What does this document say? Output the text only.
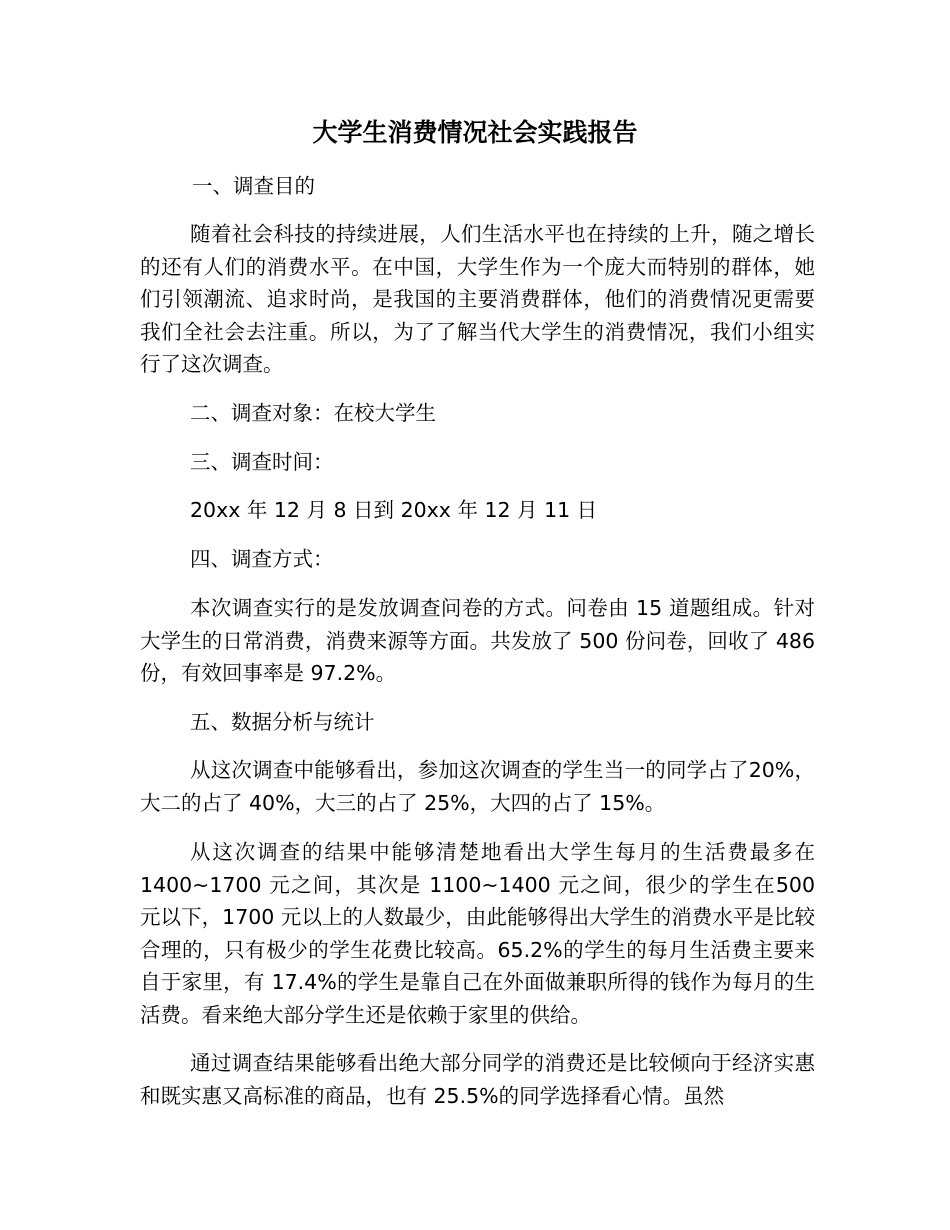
大学生消费情况社会实践报告

一、调查目的

随着社会科技的持续进展，人们生活水平也在持续的上升，随之增长的还有人们的消费水平。在中国，大学生作为一个庞大而特别的群体，她们引领潮流、追求时尚，是我国的主要消费群体，他们的消费情况更需要我们全社会去注重。所以，为了了解当代大学生的消费情况，我们小组实行了这次调查。

二、调查对象：在校大学生

三、调查时间：

20xx 年 12 月 8 日到 20xx 年 12 月 11 日

四、调查方式：

本次调查实行的是发放调查问卷的方式。问卷由 15 道题组成。针对大学生的日常消费，消费来源等方面。共发放了 500 份问卷，回收了 486 份，有效回事率是 97.2%。

五、数据分析与统计

从这次调查中能够看出，参加这次调查的学生当一的同学占了20%，大二的占了 40%，大三的占了 25%，大四的占了 15%。

从这次调查的结果中能够清楚地看出大学生每月的生活费最多在1400~1700 元之间，其次是 1100~1400 元之间，很少的学生在500 元以下，1700 元以上的人数最少，由此能够得出大学生的消费水平是比较合理的，只有极少的学生花费比较高。65.2%的学生的每月生活费主要来自于家里，有 17.4%的学生是靠自己在外面做兼职所得的钱作为每月的生活费。看来绝大部分学生还是依赖于家里的供给。

通过调查结果能够看出绝大部分同学的消费还是比较倾向于经济实惠和既实惠又高标准的商品，也有 25.5%的同学选择看心情。虽然
